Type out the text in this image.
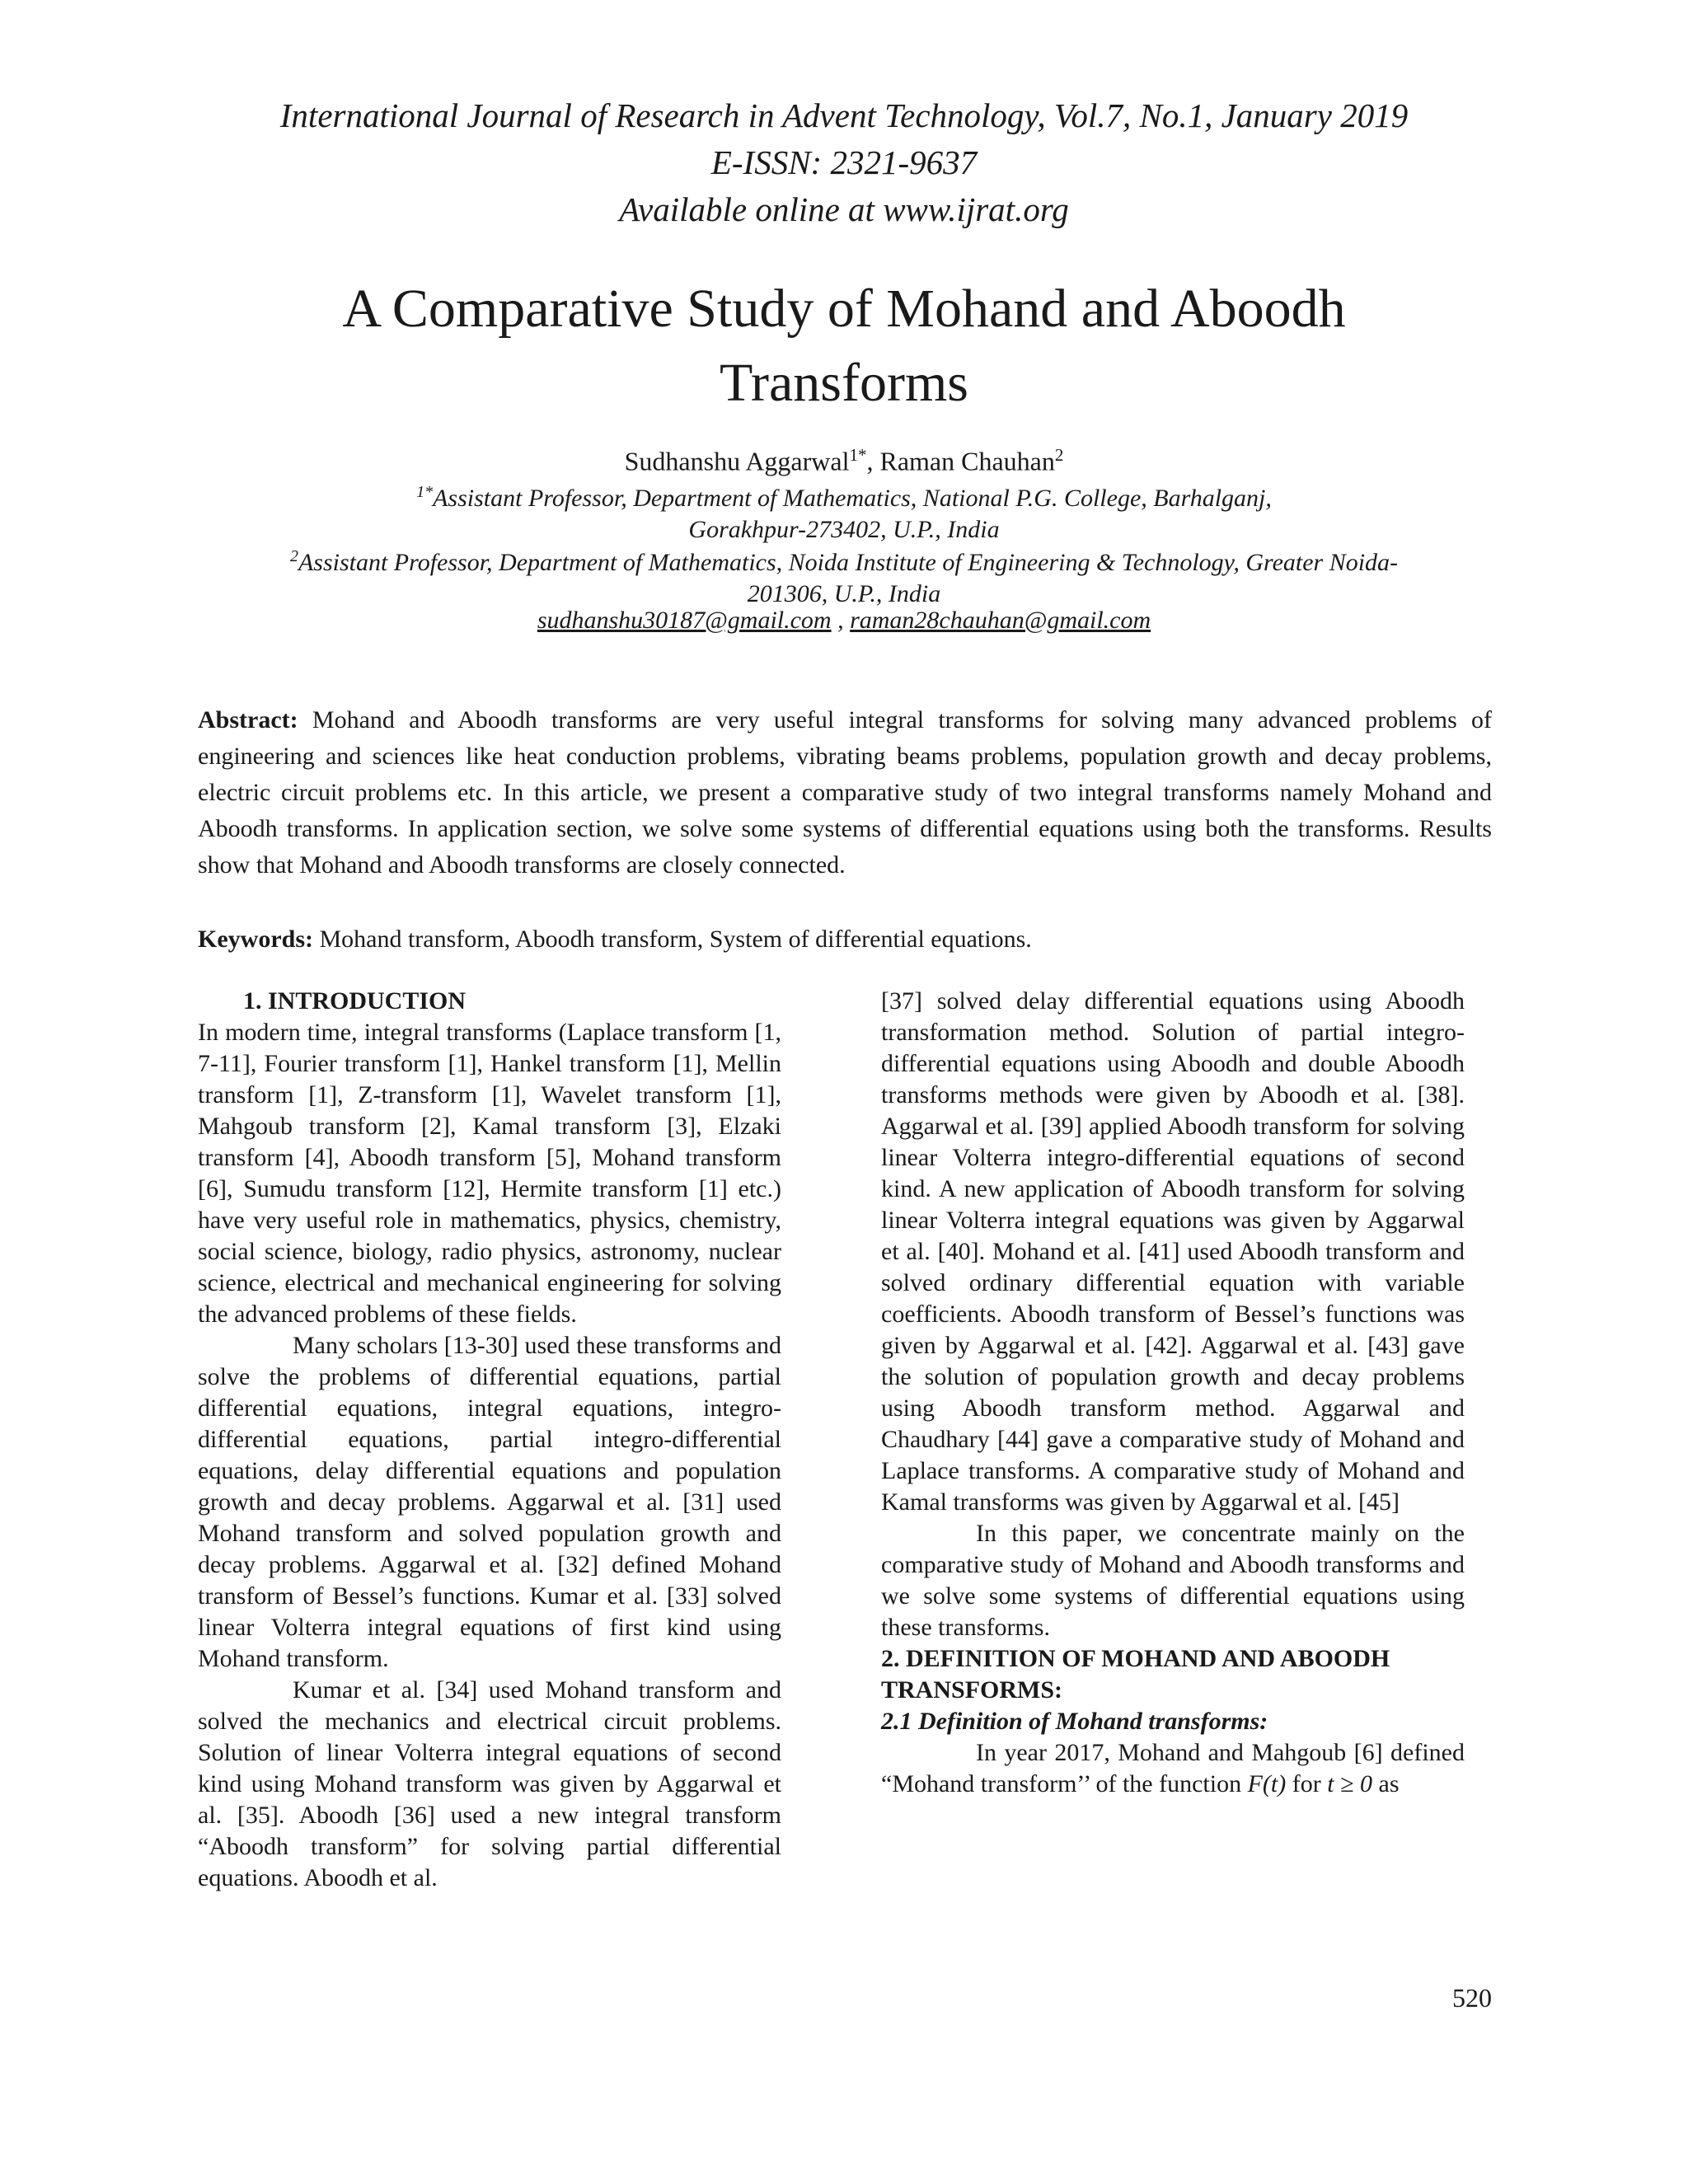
International Journal of Research in Advent Technology, Vol.7, No.1, January 2019
E-ISSN: 2321-9637
Available online at www.ijrat.org
A Comparative Study of Mohand and Aboodh
Transforms
Sudhanshu Aggarwal$^{1*}$, Raman Chauhan$^2$
$^{1*}$Assistant Professor, Department of Mathematics, National P.G. College, Barhalganj,
Gorakhpur-273402, U.P., India
$^2$Assistant Professor, Department of Mathematics, Noida Institute of Engineering & Technology, Greater Noida-
201306, U.P., India
sudhanshu30187@gmail.com , raman28chauhan@gmail.com
Abstract: Mohand and Aboodh transforms are very useful integral transforms for solving many advanced problems of engineering and sciences like heat conduction problems, vibrating beams problems, population growth and decay problems, electric circuit problems etc. In this article, we present a comparative study of two integral transforms namely Mohand and Aboodh transforms. In application section, we solve some systems of differential equations using both the transforms. Results show that Mohand and Aboodh transforms are closely connected.
Keywords: Mohand transform, Aboodh transform, System of differential equations.

1. INTRODUCTION

In modern time, integral transforms (Laplace transform [1, 7-11], Fourier transform [1], Hankel transform [1], Mellin transform [1], Z-transform [1], Wavelet transform [1], Mahgoub transform [2], Kamal transform [3], Elzaki transform [4], Aboodh transform [5], Mohand transform [6], Sumudu transform [12], Hermite transform [1] etc.) have very useful role in mathematics, physics, chemistry, social science, biology, radio physics, astronomy, nuclear science, electrical and mechanical engineering for solving the advanced problems of these fields.

Many scholars [13-30] used these transforms and solve the problems of differential equations, partial differential equations, integral equations, integro-differential equations, partial integro-differential equations, delay differential equations and population growth and decay problems. Aggarwal et al. [31] used Mohand transform and solved population growth and decay problems. Aggarwal et al. [32] defined Mohand transform of Bessel’s functions. Kumar et al. [33] solved linear Volterra integral equations of first kind using Mohand transform.

Kumar et al. [34] used Mohand transform and solved the mechanics and electrical circuit problems. Solution of linear Volterra integral equations of second kind using Mohand transform was given by Aggarwal et al. [35]. Aboodh [36] used a new integral transform “Aboodh transform” for solving partial differential equations. Aboodh et al.

[37] solved delay differential equations using Aboodh transformation method. Solution of partial integro-differential equations using Aboodh and double Aboodh transforms methods were given by Aboodh et al. [38]. Aggarwal et al. [39] applied Aboodh transform for solving linear Volterra integro-differential equations of second kind. A new application of Aboodh transform for solving linear Volterra integral equations was given by Aggarwal et al. [40]. Mohand et al. [41] used Aboodh transform and solved ordinary differential equation with variable coefficients. Aboodh transform of Bessel’s functions was given by Aggarwal et al. [42]. Aggarwal et al. [43] gave the solution of population growth and decay problems using Aboodh transform method. Aggarwal and Chaudhary [44] gave a comparative study of Mohand and Laplace transforms. A comparative study of Mohand and Kamal transforms was given by Aggarwal et al. [45]

In this paper, we concentrate mainly on the comparative study of Mohand and Aboodh transforms and we solve some systems of differential equations using these transforms.

2. DEFINITION OF MOHAND AND ABOODH TRANSFORMS:

2.1 Definition of Mohand transforms:

In year 2017, Mohand and Mahgoub [6] defined “Mohand transform’’ of the function F(t) for t ≥ 0 as

520
